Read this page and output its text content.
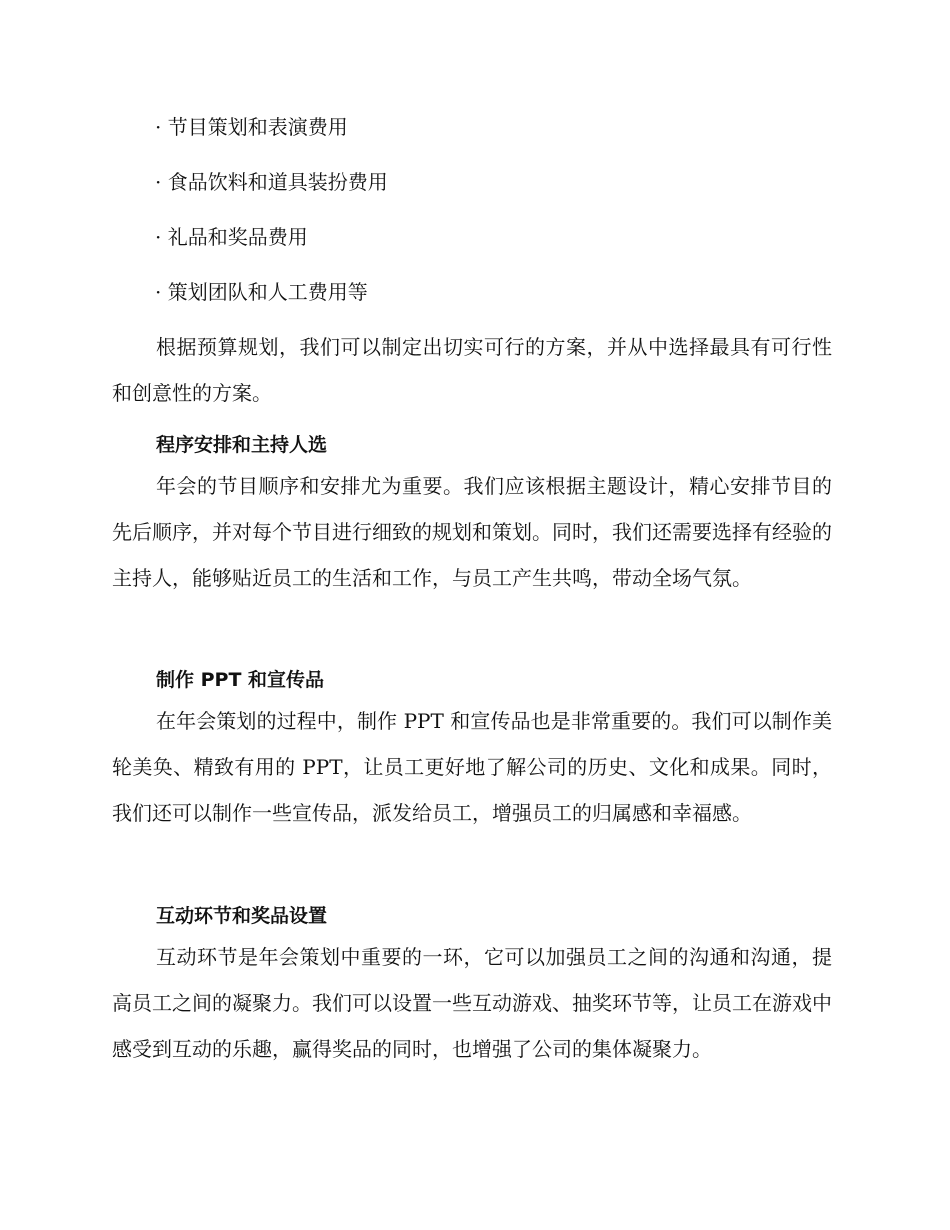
· 节目策划和表演费用
· 食品饮料和道具装扮费用
· 礼品和奖品费用
· 策划团队和人工费用等
根据预算规划，我们可以制定出切实可行的方案，并从中选择最具有可行性和创意性的方案。
程序安排和主持人选
年会的节目顺序和安排尤为重要。我们应该根据主题设计，精心安排节目的先后顺序，并对每个节目进行细致的规划和策划。同时，我们还需要选择有经验的主持人，能够贴近员工的生活和工作，与员工产生共鸣，带动全场气氛。
制作 PPT 和宣传品
在年会策划的过程中，制作 PPT 和宣传品也是非常重要的。我们可以制作美轮美奂、精致有用的 PPT，让员工更好地了解公司的历史、文化和成果。同时，我们还可以制作一些宣传品，派发给员工，增强员工的归属感和幸福感。
互动环节和奖品设置
互动环节是年会策划中重要的一环，它可以加强员工之间的沟通和沟通，提高员工之间的凝聚力。我们可以设置一些互动游戏、抽奖环节等，让员工在游戏中感受到互动的乐趣，赢得奖品的同时，也增强了公司的集体凝聚力。
